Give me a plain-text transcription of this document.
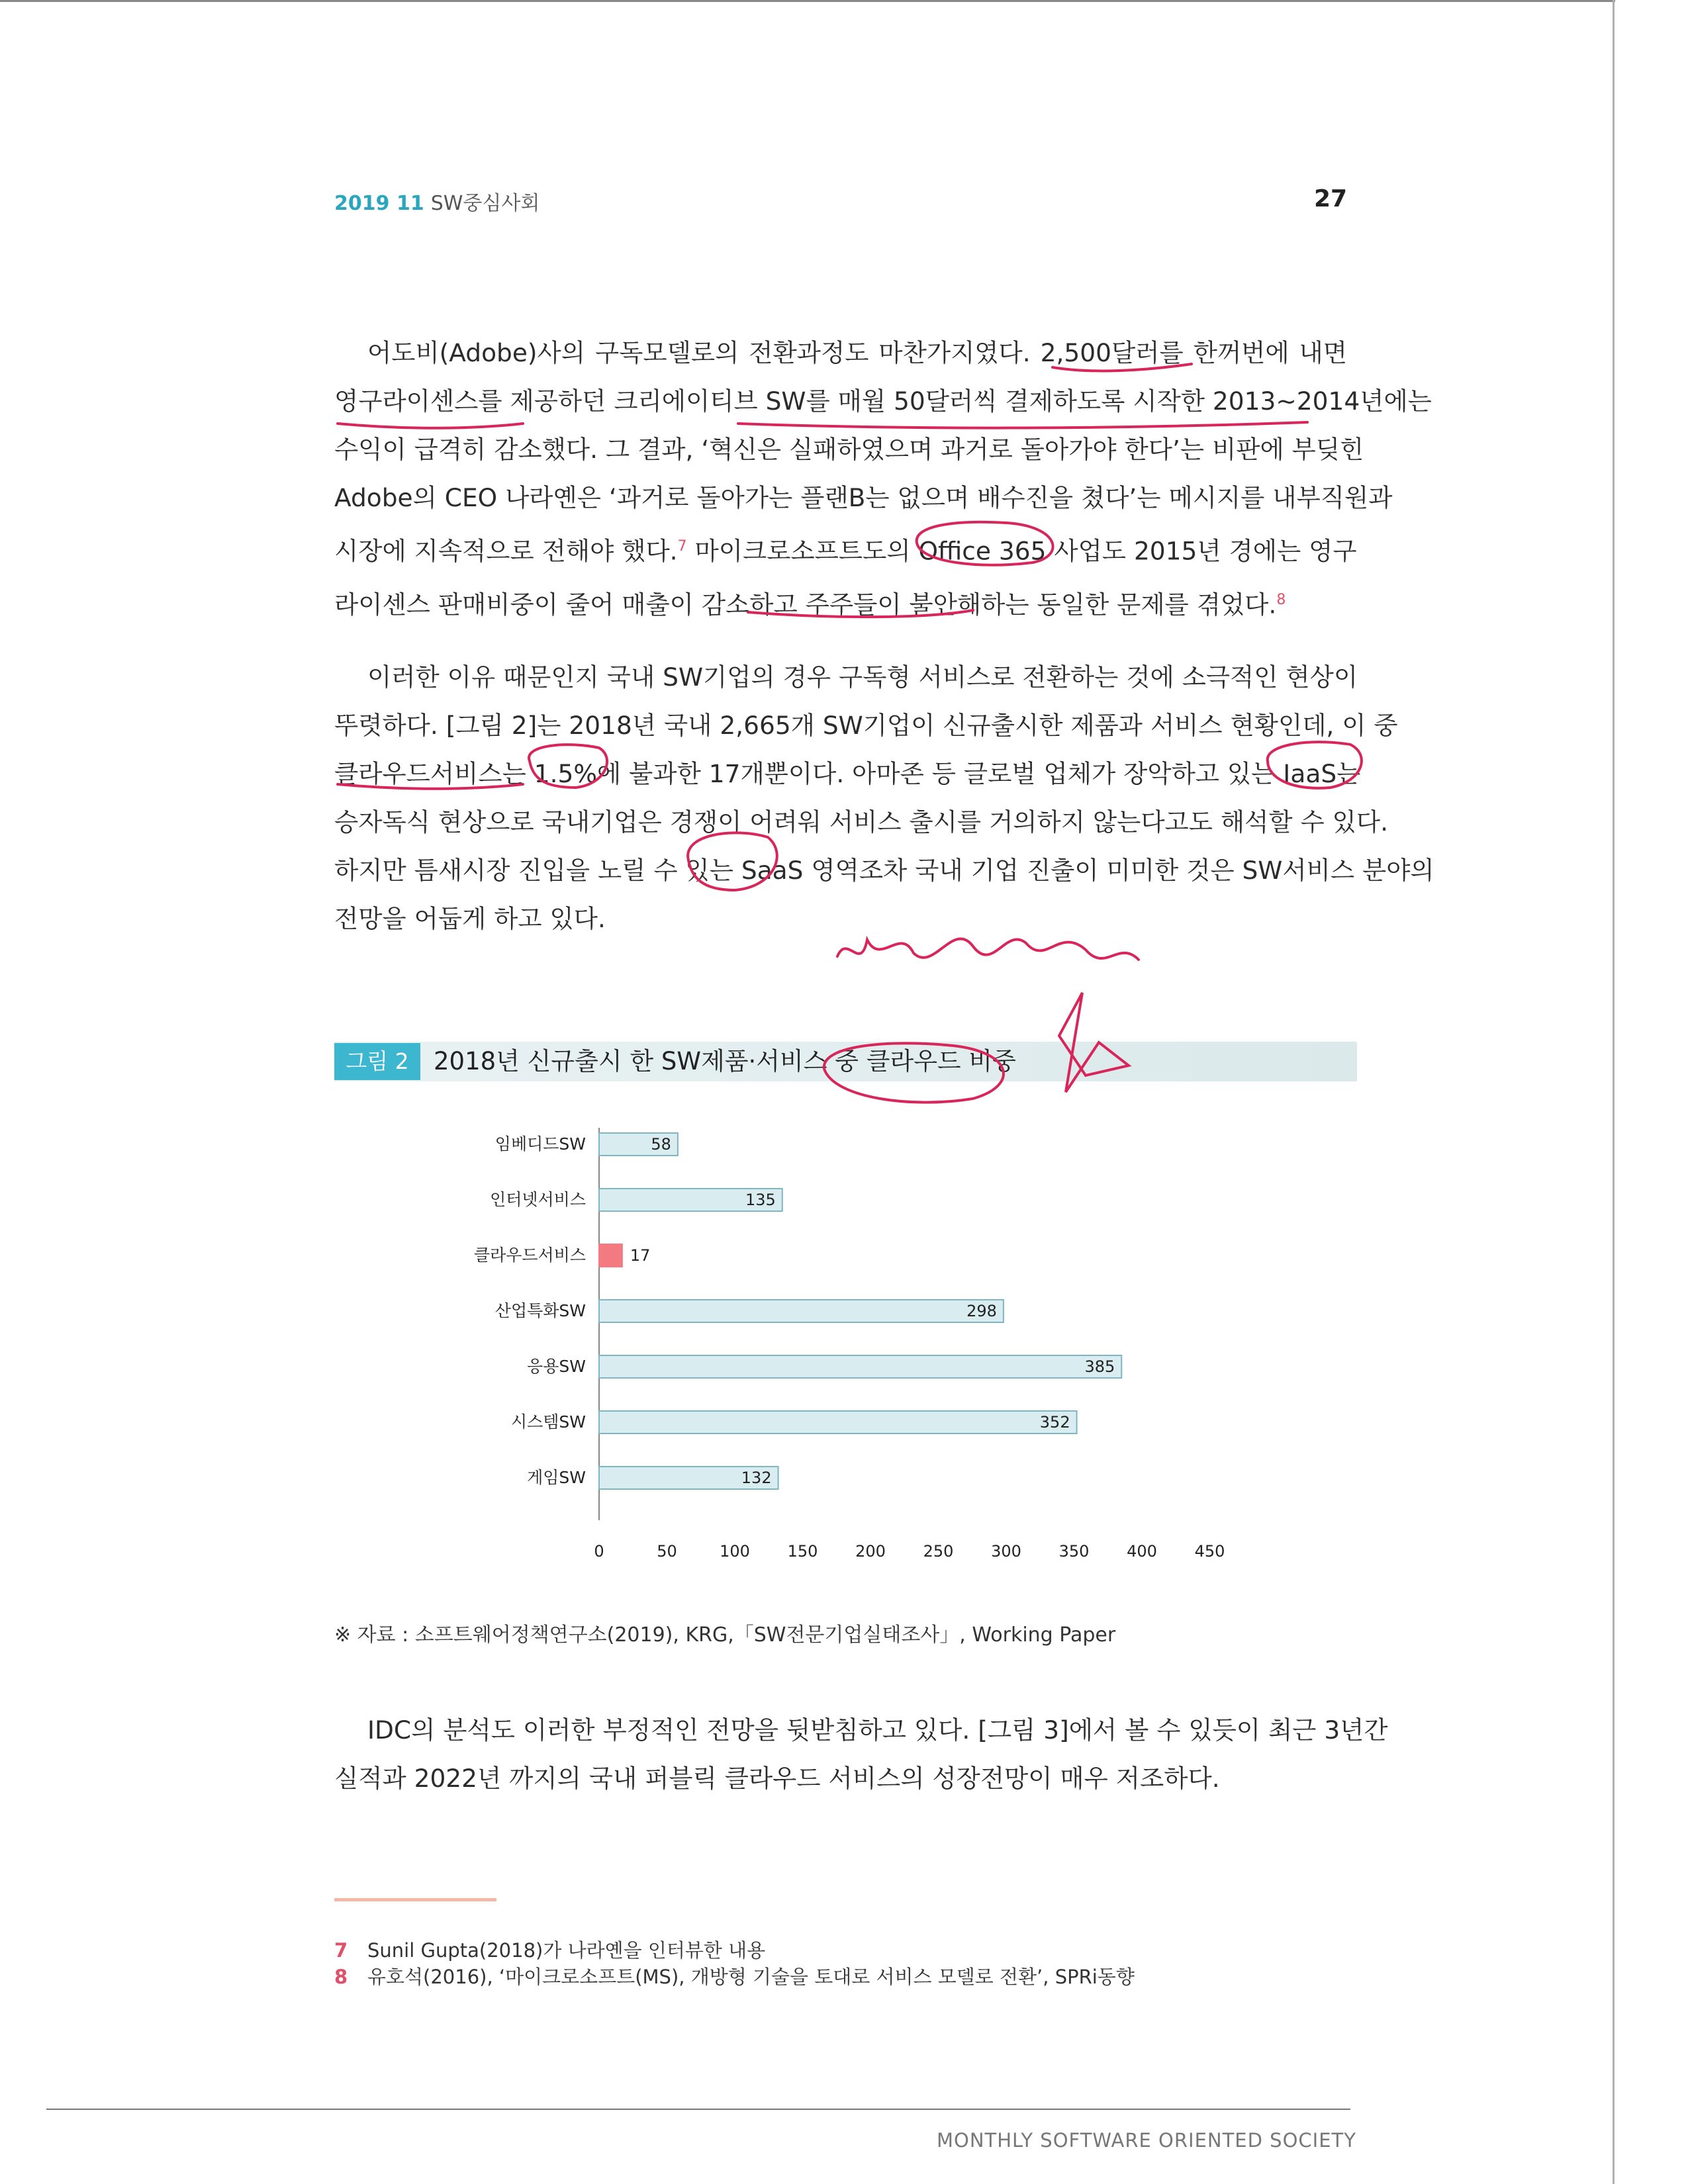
2019 11 SW중심사회	27
어도비(Adobe)사의 구독모델로의 전환과정도 마찬가지였다. 2,500달러를 한꺼번에 내면
영구라이센스를 제공하던 크리에이티브 SW를 매월 50달러씩 결제하도록 시작한 2013~2014년에는
수익이 급격히 감소했다. 그 결과, ‘혁신은 실패하였으며 과거로 돌아가야 한다’는 비판에 부딪힌
Adobe의 CEO 나라옌은 ‘과거로 돌아가는 플랜B는 없으며 배수진을 쳤다’는 메시지를 내부직원과
시장에 지속적으로 전해야 했다.$^7$ 마이크로소프트도의 Office 365 사업도 2015년 경에는 영구
라이센스 판매비중이 줄어 매출이 감소하고 주주들이 불안해하는 동일한 문제를 겪었다.$^8$
이러한 이유 때문인지 국내 SW기업의 경우 구독형 서비스로 전환하는 것에 소극적인 현상이
뚜렷하다. [그림 2]는 2018년 국내 2,665개 SW기업이 신규출시한 제품과 서비스 현황인데, 이 중
클라우드서비스는 1.5%에 불과한 17개뿐이다. 아마존 등 글로벌 업체가 장악하고 있는 IaaS는
승자독식 현상으로 국내기업은 경쟁이 어려워 서비스 출시를 거의하지 않는다고도 해석할 수 있다.
하지만 틈새시장 진입을 노릴 수 있는 SaaS 영역조차 국내 기업 진출이 미미한 것은 SW서비스 분야의
전망을 어둡게 하고 있다.
그림 2	2018년 신규출시 한 SW제품·서비스 중 클라우드 비중
임베디드SW	58
인터넷서비스	135
클라우드서비스	17
산업특화SW	298
응용SW	385
시스템SW	352
게임SW	132
0	50	100 150 200 250 300 350 400 450
※ 자료 : 소프트웨어정책연구소(2019), KRG,「SW전문기업실태조사」, Working Paper
IDC의 분석도 이러한 부정적인 전망을 뒷받침하고 있다. [그림 3]에서 볼 수 있듯이 최근 3년간
실적과 2022년 까지의 국내 퍼블릭 클라우드 서비스의 성장전망이 매우 저조하다.
7 Sunil Gupta(2018)가 나라옌을 인터뷰한 내용
8 유호석(2016), ‘마이크로소프트(MS), 개방형 기술을 토대로 서비스 모델로 전환’, SPRi동향
MONTHLY SOFTWARE ORIENTED SOCIETY
